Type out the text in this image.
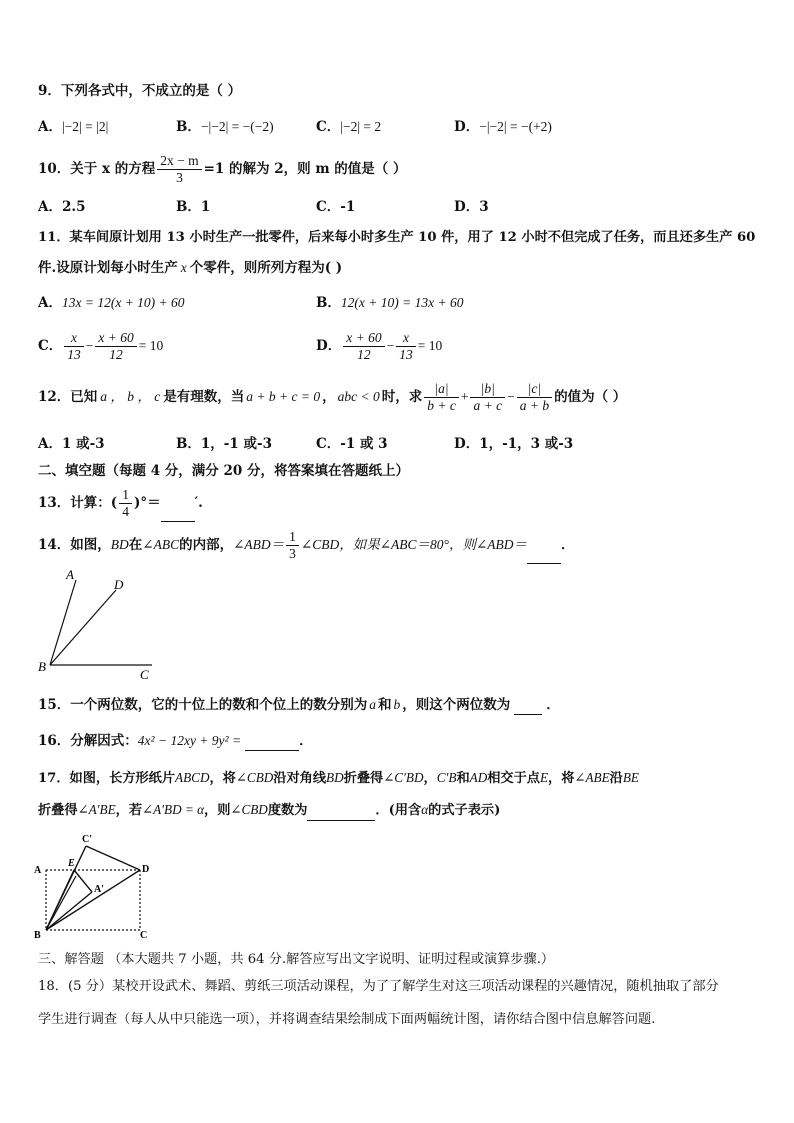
9．下列各式中，不成立的是（ ）
A．|−2| = |2|	B．−|−2| = −(−2)	C．|−2| = 2	D．−|−2| = −(+2)
10．关于 x 的方程 $\frac{2x - m}{3} =1$ 的解为 2，则 m 的值是（ ）
A．2.5	B．1	C．-1	D．3
11．某车间原计划用 13 小时生产一批零件，后来每小时多生产 10 件，用了 12 小时不但完成了任务，而且还多生产 60
件.设原计划每小时生产 x 个零件，则所列方程为( )
A．13x = 12(x + 10) + 60	B．12(x + 10) = 13x + 60
C． $\frac{x}{13} - \frac{x + 60}{12} = 10$	D． $\frac{x + 60}{12} - \frac{x}{13} = 10$
12．已知 a ， b ， c 是有理数，当 a + b + c = 0 ， abc < 0 时，求 $\frac{|a|}{b + c} + \frac{|b|}{a + c} - \frac{|c|}{a + b}$ 的值为（ ）
A．1 或-3	B．1，-1 或-3	C．-1 或 3	D．1，-1，3 或-3
二、填空题（每题 4 分，满分 20 分，将答案填在答题纸上）
13．计算：( $\frac{1}{4}$ )°＝	′.
14．如图，BD在∠ABC的内部，∠ABD＝ $\frac{1}{3}$ ∠CBD，如果∠ABC＝80°，则∠ABD＝	．
A
D
B
C
15．一个两位数，它的十位上的数和个位上的数分别为 a 和 b ，则这个两位数为	．
16．分解因式：4x² − 12xy + 9y² =	．
17．如图，长方形纸片ABCD，将∠CBD沿对角线BD折叠得∠C′BD，C′B和AD相交于点E，将∠ABE沿BE
折叠得∠A′BE，若∠A′BD = α，则∠CBD度数为	．(用含α的式子表示)
A
E
D
C′
A′
B	C
三、解答题 （本大题共 7 小题，共 64 分.解答应写出文字说明、证明过程或演算步骤.）
18．(5 分）某校开设武术、舞蹈、剪纸三项活动课程，为了了解学生对这三项活动课程的兴趣情况，随机抽取了部分
学生进行调查（每人从中只能选一项），并将调查结果绘制成下面两幅统计图，请你结合图中信息解答问题.
